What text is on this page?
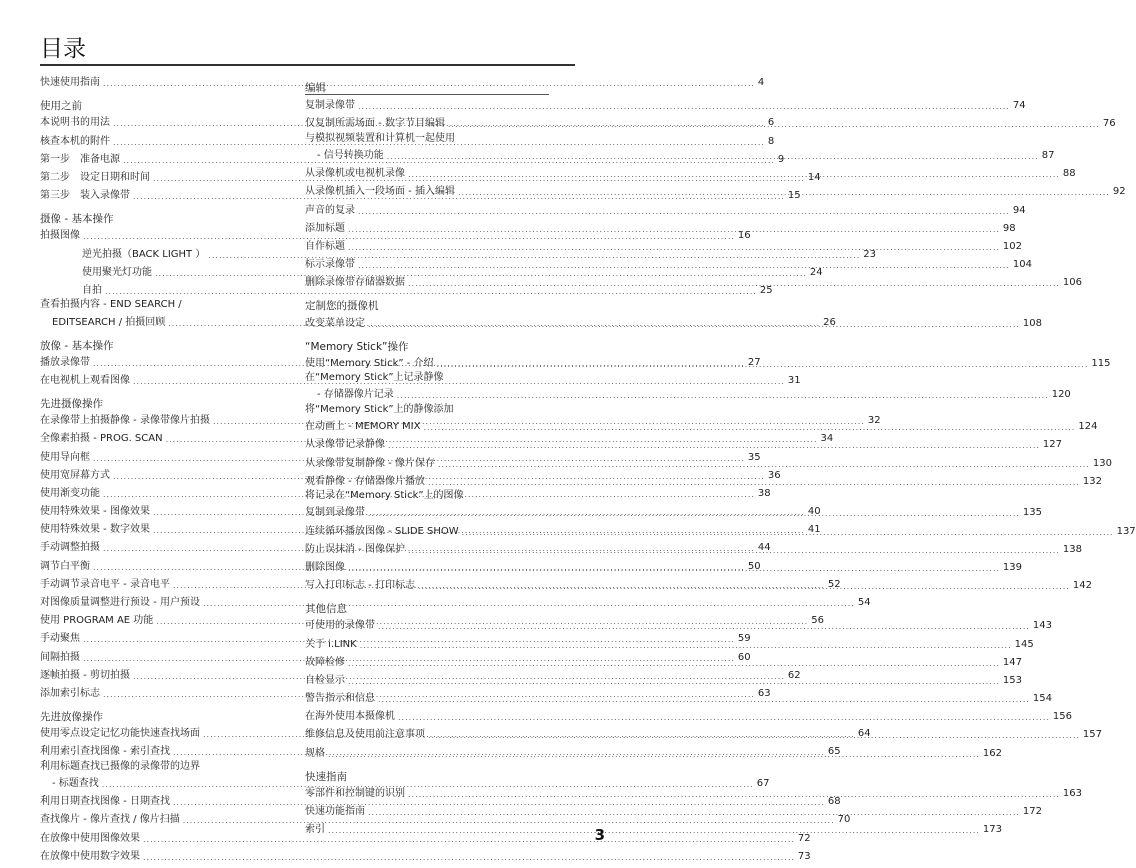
目录
快速使用指南 .....	4
使用之前
本说明书的用法 .....	6
核查本机的附件 .....	8
第一步　准备电源 .....	9
第二步　设定日期和时间 .....	14
第三步　装入录像带 .....	15
摄像 - 基本操作
拍摄图像 .....	16
逆光拍摄（BACK LIGHT ） .....	23
使用聚光灯功能 .....	24
自拍 .....	25
查看拍摄内容 - END SEARCH /
EDITSEARCH / 拍摄回顾 .....	26
放像 - 基本操作
播放录像带 .....	27
在电视机上观看图像 .....	31
先进摄像操作
在录像带上拍摄静像 - 录像带像片拍摄 .....	32
全像素拍摄 - PROG. SCAN .....	34
使用导向框 .....	35
使用宽屏幕方式 .....	36
使用渐变功能 .....	38
使用特殊效果 - 图像效果 .....	40
使用特殊效果 - 数字效果 .....	41
手动调整拍摄 .....	44
调节白平衡 .....	50
手动调节录音电平 - 录音电平 .....	52
对图像质量调整进行预设 - 用户预设 .....	54
使用 PROGRAM AE 功能 .....	56
手动聚焦 .....	59
间隔拍摄 .....	60
逐帧拍摄 - 剪切拍摄 .....	62
添加索引标志 .....	63
先进放像操作
使用零点设定记忆功能快速查找场面 .....	64
利用索引查找图像 - 索引查找 .....	65
利用标题查找已摄像的录像带的边界
- 标题查找 .....	67
利用日期查找图像 - 日期查找 .....	68
查找像片 - 像片查找 / 像片扫描 .....	70
在放像中使用图像效果 .....	72
在放像中使用数字效果 .....	73
编辑
复制录像带 .....	74
仅复制所需场面 - 数字节目编辑 .....	76
与模拟视频装置和计算机一起使用
- 信号转换功能 .....	87
从录像机或电视机录像 .....	88
从录像机插入一段场面 - 插入编辑 .....	92
声音的复录 .....	94
添加标题 .....	98
自作标题 .....	102
标示录像带 .....	104
删除录像带存储器数据 .....	106
定制您的摄像机
改变菜单设定 .....	108
“Memory Stick”操作
使用“Memory Stick” - 介绍 .....	115
在“Memory Stick”上记录静像
- 存储器像片记录 .....	120
将“Memory Stick”上的静像添加
在动画上 - MEMORY MIX .....	124
从录像带记录静像 .....	127
从录像带复制静像 - 像片保存 .....	130
观看静像 - 存储器像片播放 .....	132
将记录在“Memory Stick”上的图像
复制到录像带 .....	135
连续循环播放图像 - SLIDE SHOW .....	137
防止误抹消 - 图像保护 .....	138
删除图像 .....	139
写入打印标志 - 打印标志 .....	142
其他信息
可使用的录像带 .....	143
关于 i.LINK .....	145
故障检修 .....	147
自检显示 .....	153
警告指示和信息 .....	154
在海外使用本摄像机 .....	156
维修信息及使用前注意事项 .....	157
规格 .....	162
快速指南
零部件和控制键的识别 .....	163
快速功能指南 .....	172
索引 .....	173
3
